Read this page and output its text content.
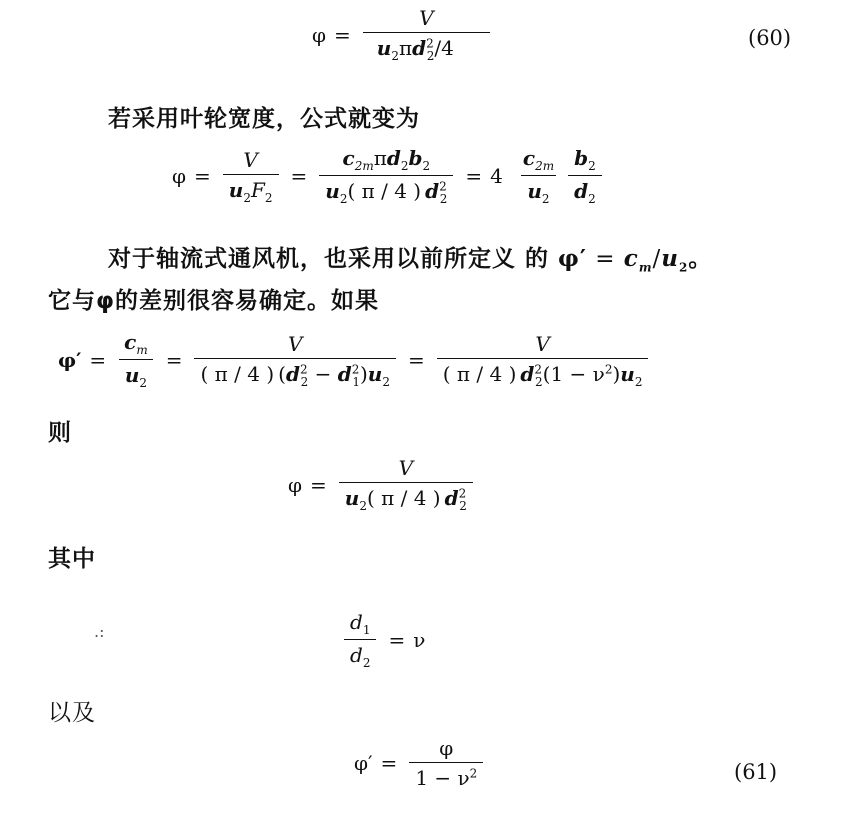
$\varphi = \frac{V}{u_2\pi d^2_2/4}$	(60)
若采用叶轮宽度，公式就变为
$\varphi = \frac{V}{u_2F_2} = \frac{c_{2m}\pi d_2b_2}{u_2( \pi / 4 ) d^2_2} = 4 \frac{c_{2m}}{u_2} \frac{b_2}{d_2}$
对于轴流式通风机，也采用以前所定义 的 $\varphi' = c_m/u_2$。
它与φ的差别很容易确定。如果
$\varphi' = \frac{c_m}{u_2} = \frac{V}{( \pi / 4 ) (d^2_2 - d^2_1)u_2} = \frac{V}{( \pi / 4 ) d^2_2(1 - \nu^2)u_2}$
则
$\varphi = \frac{V}{u_2( \pi / 4 ) d^2_2}$
其中
.:	$\frac{d_1}{d_2} = \nu$
以及
$\varphi' = \frac{\varphi}{1 - \nu^2}$	(61)
